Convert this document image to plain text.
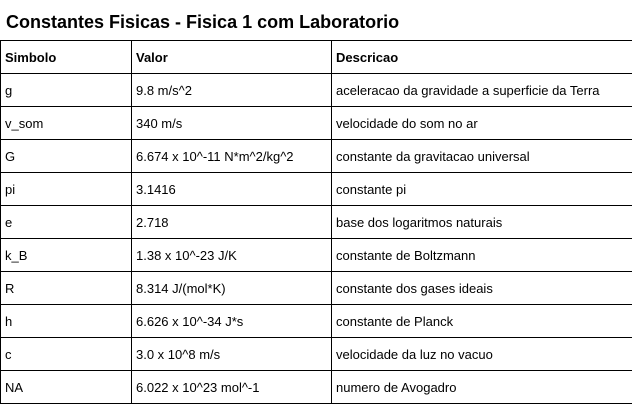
Constantes Fisicas - Fisica 1 com Laboratorio
Simbolo	Valor	Descricao
g	9.8 m/s^2	aceleracao da gravidade a superficie da Terra
v_som	340 m/s	velocidade do som no ar
G	6.674 x 10^-11 N*m^2/kg^2	constante da gravitacao universal
pi	3.1416	constante pi
e	2.718	base dos logaritmos naturais
k_B	1.38 x 10^-23 J/K	constante de Boltzmann
R	8.314 J/(mol*K)	constante dos gases ideais
h	6.626 x 10^-34 J*s	constante de Planck
c	3.0 x 10^8 m/s	velocidade da luz no vacuo
NA	6.022 x 10^23 mol^-1	numero de Avogadro
